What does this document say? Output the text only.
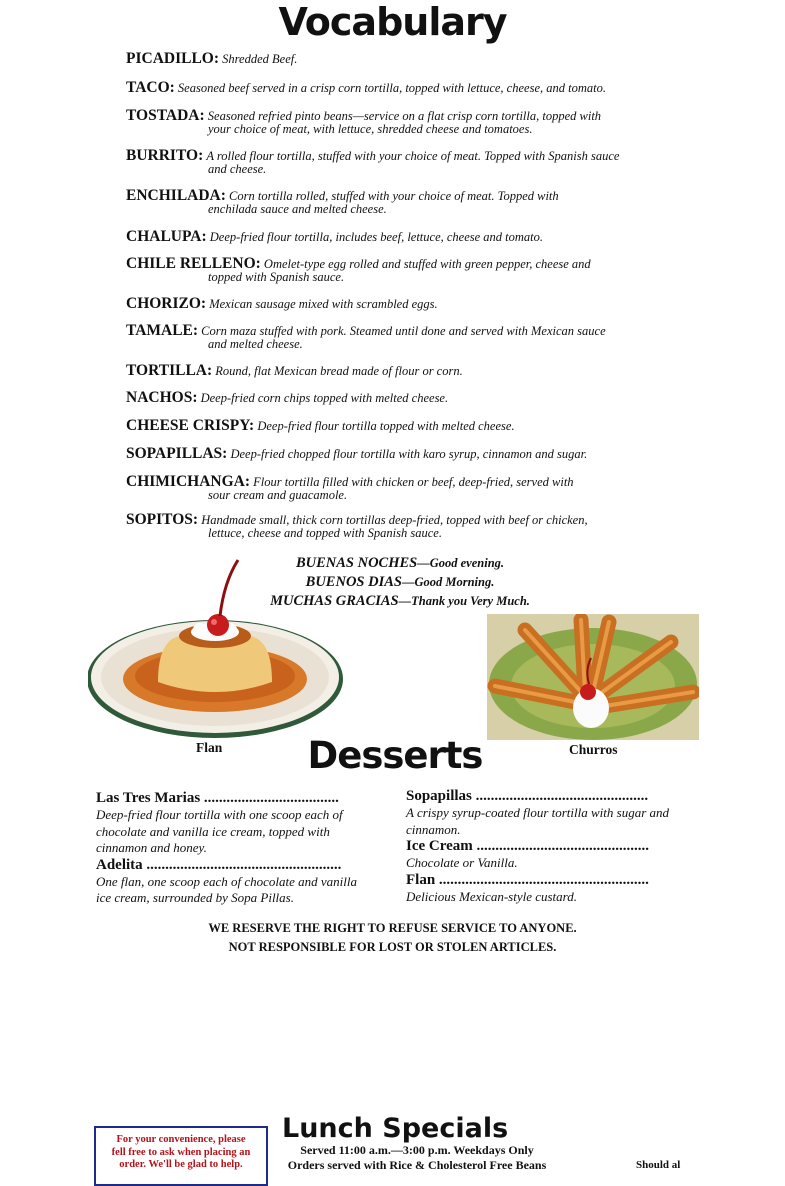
Vocabulary
PICADILLO: Shredded Beef.
TACO: Seasoned beef served in a crisp corn tortilla, topped with lettuce, cheese, and tomato.
TOSTADA: Seasoned refried pinto beans—service on a flat crisp corn tortilla, topped with
your choice of meat, with lettuce, shredded cheese and tomatoes.
BURRITO: A rolled flour tortilla, stuffed with your choice of meat. Topped with Spanish sauce
and cheese.
ENCHILADA: Corn tortilla rolled, stuffed with your choice of meat. Topped with
enchilada sauce and melted cheese.
CHALUPA: Deep-fried flour tortilla, includes beef, lettuce, cheese and tomato.
CHILE RELLENO: Omelet-type egg rolled and stuffed with green pepper, cheese and
topped with Spanish sauce.
CHORIZO: Mexican sausage mixed with scrambled eggs.
TAMALE: Corn maza stuffed with pork. Steamed until done and served with Mexican sauce
and melted cheese.
TORTILLA: Round, flat Mexican bread made of flour or corn.
NACHOS: Deep-fried corn chips topped with melted cheese.
CHEESE CRISPY: Deep-fried flour tortilla topped with melted cheese.
SOPAPILLAS: Deep-fried chopped flour tortilla with karo syrup, cinnamon and sugar.
CHIMICHANGA: Flour tortilla filled with chicken or beef, deep-fried, served with
sour cream and guacamole.
SOPITOS: Handmade small, thick corn tortillas deep-fried, topped with beef or chicken,
lettuce, cheese and topped with Spanish sauce.
BUENAS NOCHES—Good evening.
BUENOS DIAS—Good Morning.
MUCHAS GRACIAS—Thank you Very Much.
Flan	Churros
Desserts
Las Tres Marias ....................................
Deep-fried flour tortilla with one scoop each of chocolate and vanilla ice cream, topped with cinnamon and honey.
Adelita ....................................................
One flan, one scoop each of chocolate and vanilla ice cream, surrounded by Sopa Pillas.
Sopapillas ..............................................
A crispy syrup-coated flour tortilla with sugar and cinnamon.
Ice Cream ..............................................
Chocolate or Vanilla.
Flan ........................................................
Delicious Mexican-style custard.
WE RESERVE THE RIGHT TO REFUSE SERVICE TO ANYONE.
NOT RESPONSIBLE FOR LOST OR STOLEN ARTICLES.
For your convenience, please
fell free to ask when placing an
order. We'll be glad to help.
Lunch Specials
Served 11:00 a.m.—3:00 p.m. Weekdays Only
Orders served with Rice & Cholesterol Free Beans	Should al
